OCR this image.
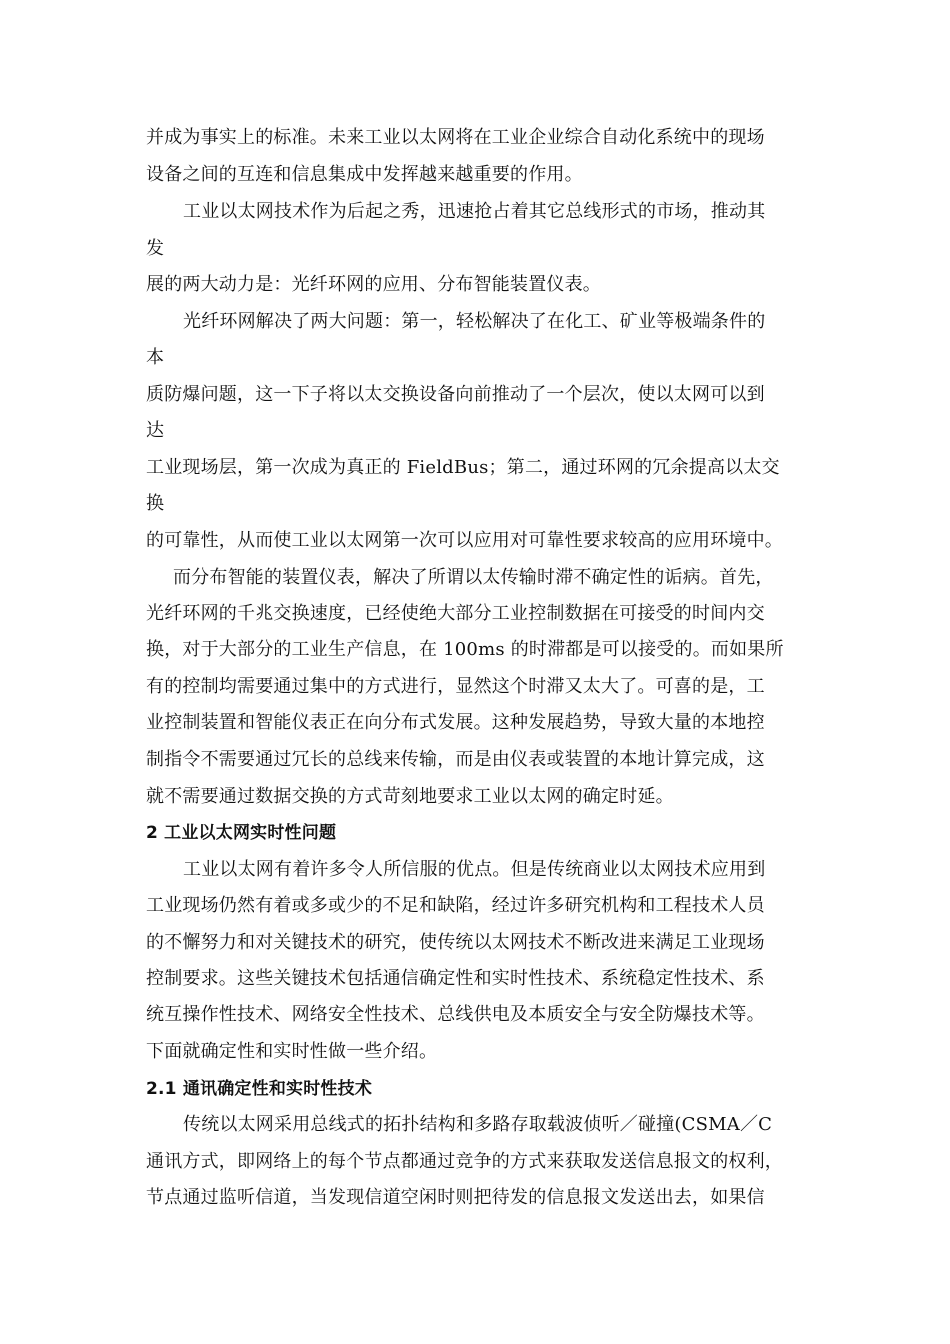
并成为事实上的标准。未来工业以太网将在工业企业综合自动化系统中的现场
设备之间的互连和信息集成中发挥越来越重要的作用。
工业以太网技术作为后起之秀，迅速抢占着其它总线形式的市场，推动其
发
展的两大动力是：光纤环网的应用、分布智能装置仪表。
光纤环网解决了两大问题：第一，轻松解决了在化工、矿业等极端条件的
本
质防爆问题，这一下子将以太交换设备向前推动了一个层次，使以太网可以到
达
工业现场层，第一次成为真正的 FieldBus；第二，通过环网的冗余提高以太交
换
的可靠性，从而使工业以太网第一次可以应用对可靠性要求较高的应用环境中。
而分布智能的装置仪表，解决了所谓以太传输时滞不确定性的诟病。首先，
光纤环网的千兆交换速度，已经使绝大部分工业控制数据在可接受的时间内交
换，对于大部分的工业生产信息，在 100ms 的时滞都是可以接受的。而如果所
有的控制均需要通过集中的方式进行，显然这个时滞又太大了。可喜的是，工
业控制装置和智能仪表正在向分布式发展。这种发展趋势，导致大量的本地控
制指令不需要通过冗长的总线来传输，而是由仪表或装置的本地计算完成，这
就不需要通过数据交换的方式苛刻地要求工业以太网的确定时延。
2 工业以太网实时性问题
工业以太网有着许多令人所信服的优点。但是传统商业以太网技术应用到
工业现场仍然有着或多或少的不足和缺陷，经过许多研究机构和工程技术人员
的不懈努力和对关键技术的研究，使传统以太网技术不断改进来满足工业现场
控制要求。这些关键技术包括通信确定性和实时性技术、系统稳定性技术、系
统互操作性技术、网络安全性技术、总线供电及本质安全与安全防爆技术等。
下面就确定性和实时性做一些介绍。
2.1 通讯确定性和实时性技术
传统以太网采用总线式的拓扑结构和多路存取载波侦听／碰撞(CSMA／C
通讯方式，即网络上的每个节点都通过竞争的方式来获取发送信息报文的权利，
节点通过监听信道，当发现信道空闲时则把待发的信息报文发送出去，如果信
